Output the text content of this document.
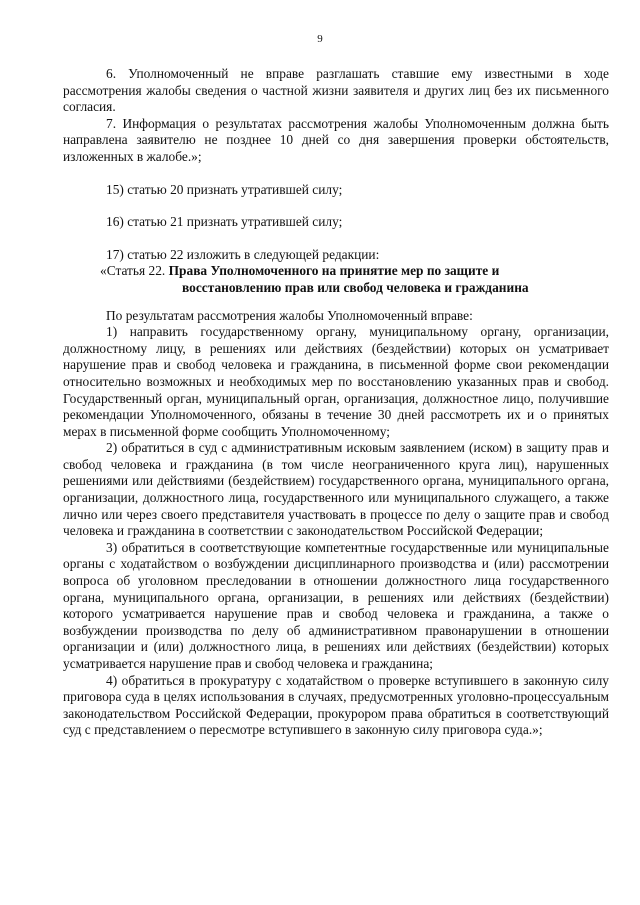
9

6. Уполномоченный не вправе разглашать ставшие ему известными в ходе рассмотрения жалобы сведения о частной жизни заявителя и других лиц без их письменного согласия.

7. Информация о результатах рассмотрения жалобы Уполномоченным должна быть направлена заявителю не позднее 10 дней со дня завершения проверки обстоятельств, изложенных в жалобе.»;

15) статью 20 признать утратившей силу;

16) статью 21 признать утратившей силу;

17) статью 22 изложить в следующей редакции:

«Статья 22. Права Уполномоченного на принятие мер по защите и
восстановлению прав или свобод человека и гражданина

По результатам рассмотрения жалобы Уполномоченный вправе:

1) направить государственному органу, муниципальному органу, организации, должностному лицу, в решениях или действиях (бездействии) которых он усматривает нарушение прав и свобод человека и гражданина, в письменной форме свои рекомендации относительно возможных и необходимых мер по восстановлению указанных прав и свобод. Государственный орган, муниципальный орган, организация, должностное лицо, получившие рекомендации Уполномоченного, обязаны в течение 30 дней рассмотреть их и о принятых мерах в письменной форме сообщить Уполномоченному;

2) обратиться в суд с административным исковым заявлением (иском) в защиту прав и свобод человека и гражданина (в том числе неограниченного круга лиц), нарушенных решениями или действиями (бездействием) государственного органа, муниципального органа, организации, должностного лица, государственного или муниципального служащего, а также лично или через своего представителя участвовать в процессе по делу о защите прав и свобод человека и гражданина в соответствии с законодательством Российской Федерации;

3) обратиться в соответствующие компетентные государственные или муниципальные органы с ходатайством о возбуждении дисциплинарного производства и (или) рассмотрении вопроса об уголовном преследовании в отношении должностного лица государственного органа, муниципального органа, организации, в решениях или действиях (бездействии) которого усматривается нарушение прав и свобод человека и гражданина, а также о возбуждении производства по делу об административном правонарушении в отношении организации и (или) должностного лица, в решениях или действиях (бездействии) которых усматривается нарушение прав и свобод человека и гражданина;

4) обратиться в прокуратуру с ходатайством о проверке вступившего в законную силу приговора суда в целях использования в случаях, предусмотренных уголовно-процессуальным законодательством Российской Федерации, прокурором права обратиться в соответствующий суд с представлением о пересмотре вступившего в законную силу приговора суда.»;
